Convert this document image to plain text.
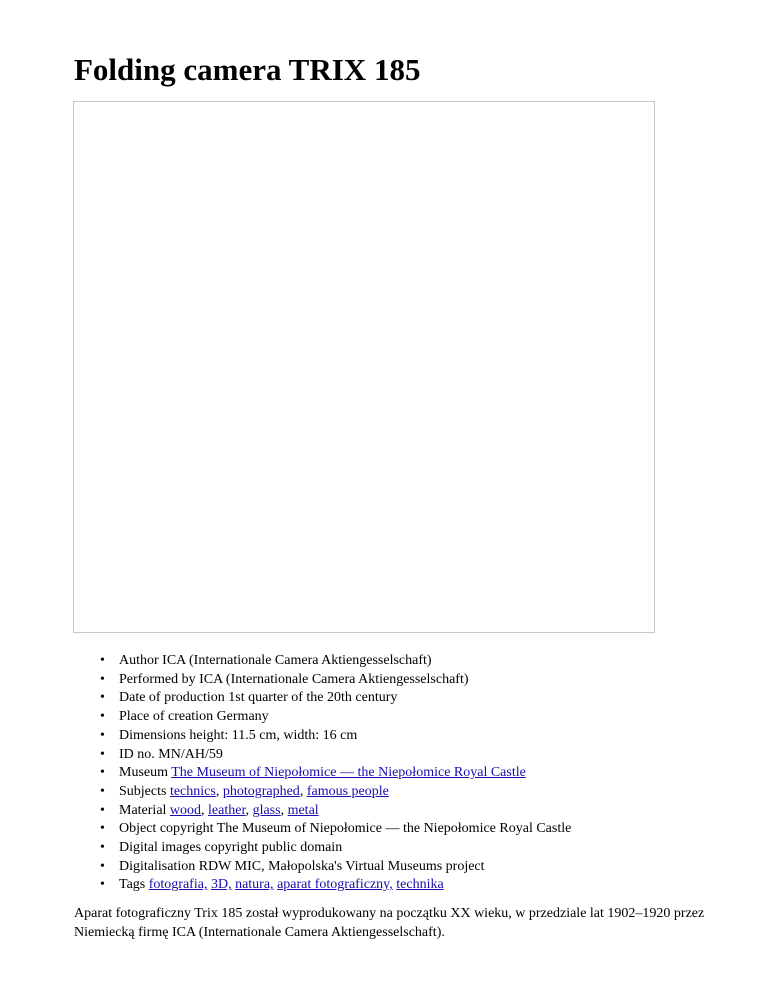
Folding camera TRIX 185
• Author ICA (Internationale Camera Aktiengesselschaft)
• Performed by ICA (Internationale Camera Aktiengesselschaft)
• Date of production 1st quarter of the 20th century
• Place of creation Germany
• Dimensions height: 11.5 cm, width: 16 cm
• ID no. MN/AH/59
• Museum The Museum of Niepołomice — the Niepołomice Royal Castle
• Subjects technics, photographed, famous people
• Material wood, leather, glass, metal
• Object copyright The Museum of Niepołomice — the Niepołomice Royal Castle
• Digital images copyright public domain
• Digitalisation RDW MIC, Małopolska's Virtual Museums project
• Tags fotografia, 3D, natura, aparat fotograficzny, technika

Aparat fotograficzny Trix 185 został wyprodukowany na początku XX wieku, w przedziale lat 1902–1920 przez Niemiecką firmę ICA (Internationale Camera Aktiengesselschaft).
